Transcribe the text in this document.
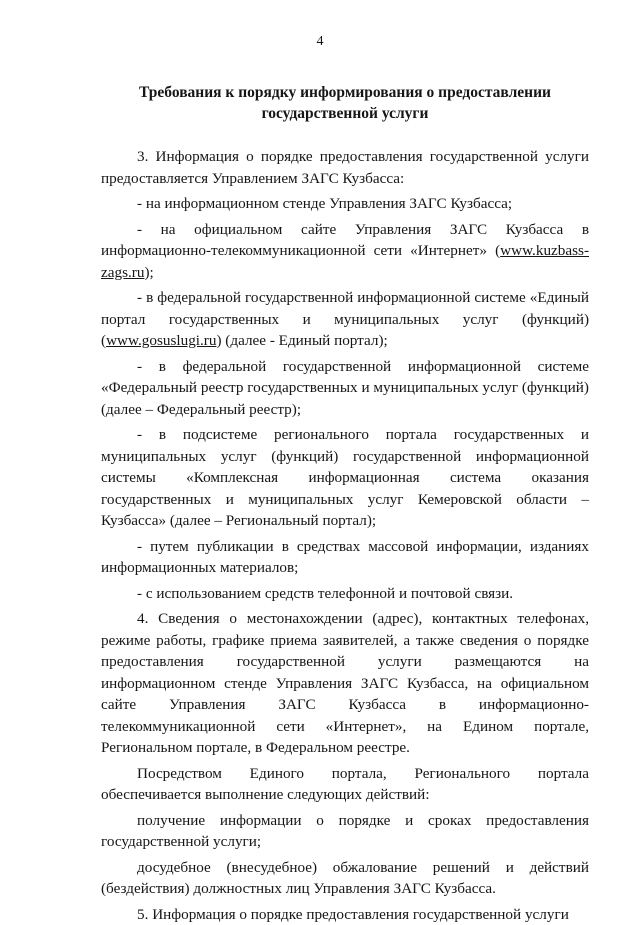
4
Требования к порядку информирования о предоставлении
государственной услуги

3. Информация о порядке предоставления государственной услуги предоставляется Управлением ЗАГС Кузбасса:

- на информационном стенде Управления ЗАГС Кузбасса;

- на официальном сайте Управления ЗАГС Кузбасса в информационно-телекоммуникационной сети «Интернет» (www.kuzbass-zags.ru);

- в федеральной государственной информационной системе «Единый портал государственных и муниципальных услуг (функций) (www.gosuslugi.ru) (далее - Единый портал);

- в федеральной государственной информационной системе «Федеральный реестр государственных и муниципальных услуг (функций) (далее – Федеральный реестр);

- в подсистеме регионального портала государственных и муниципальных услуг (функций) государственной информационной системы «Комплексная информационная система оказания государственных и муниципальных услуг Кемеровской области – Кузбасса» (далее – Региональный портал);

- путем публикации в средствах массовой информации, изданиях информационных материалов;

- с использованием средств телефонной и почтовой связи.

4. Сведения о местонахождении (адрес), контактных телефонах, режиме работы, графике приема заявителей, а также сведения о порядке предоставления государственной услуги размещаются на информационном стенде Управления ЗАГС Кузбасса, на официальном сайте Управления ЗАГС Кузбасса в информационно-телекоммуникационной сети «Интернет», на Едином портале, Региональном портале, в Федеральном реестре.

Посредством Единого портала, Регионального портала обеспечивается выполнение следующих действий:

получение информации о порядке и сроках предоставления государственной услуги;

досудебное (внесудебное) обжалование решений и действий (бездействия) должностных лиц Управления ЗАГС Кузбасса.

5. Информация о порядке предоставления государственной услуги
